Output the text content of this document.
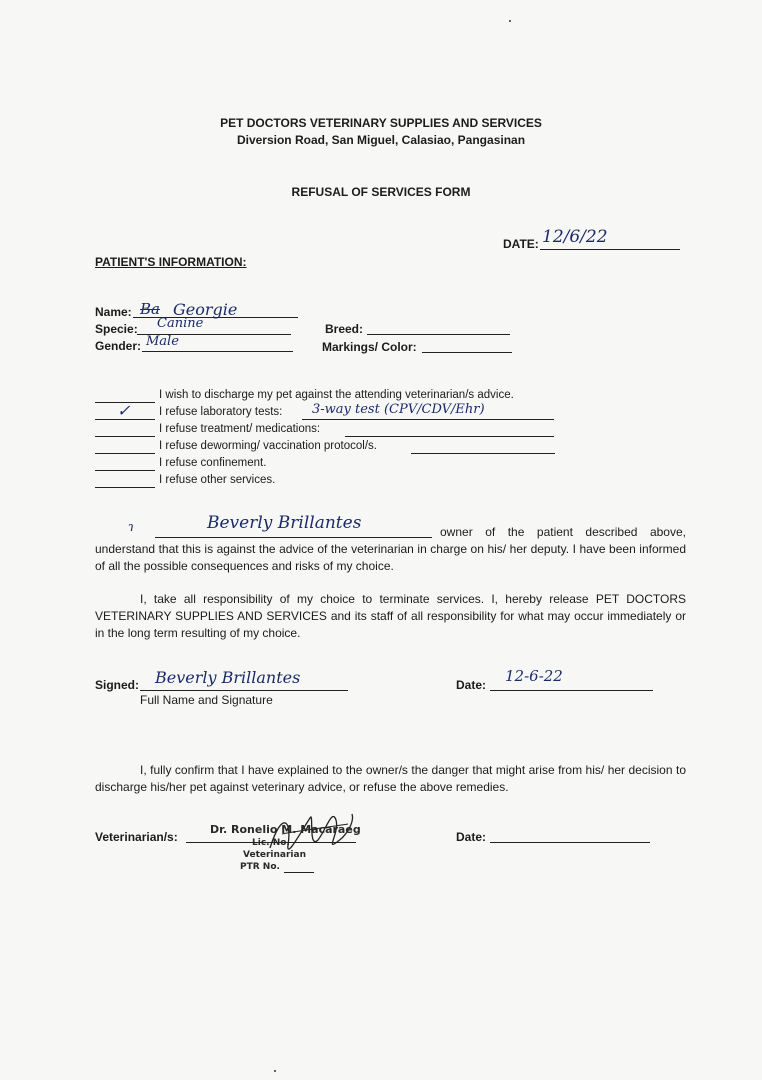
PET DOCTORS VETERINARY SUPPLIES AND SERVICES
Diversion Road, San Miguel, Calasiao, Pangasinan
REFUSAL OF SERVICES FORM
DATE: 12/6/22
PATIENT'S INFORMATION:
Name: Ba Georgie
Specie: Canine
Gender: Male
Breed:
Markings/ Color:
I wish to discharge my pet against the attending veterinarian/s advice.
✓ I refuse laboratory tests: 3-way test (CPV/CDV/Ehr)
I refuse treatment/ medications:
I refuse deworming/ vaccination protocol/s.
I refuse confinement.
I refuse other services.
ɿ	Beverly Brillantes	owner of the patient described above,
understand that this is against the advice of the veterinarian in charge on his/ her deputy. I have been informed of all the possible consequences and risks of my choice.
I, take all responsibility of my choice to terminate services. I, hereby release PET DOCTORS VETERINARY SUPPLIES AND SERVICES and its staff of all responsibility for what may occur immediately or in the long term resulting of my choice.
Signed: Beverly Brillantes
Full Name and Signature
Date: 12-6-22
I, fully confirm that I have explained to the owner/s the danger that might arise from his/ her decision to discharge his/her pet against veterinary advice, or refuse the above remedies.
Veterinarian/s:
Dr. Ronelio M. Macaraeg
Lic. No.
Veterinarian
PTR No.
Date:
